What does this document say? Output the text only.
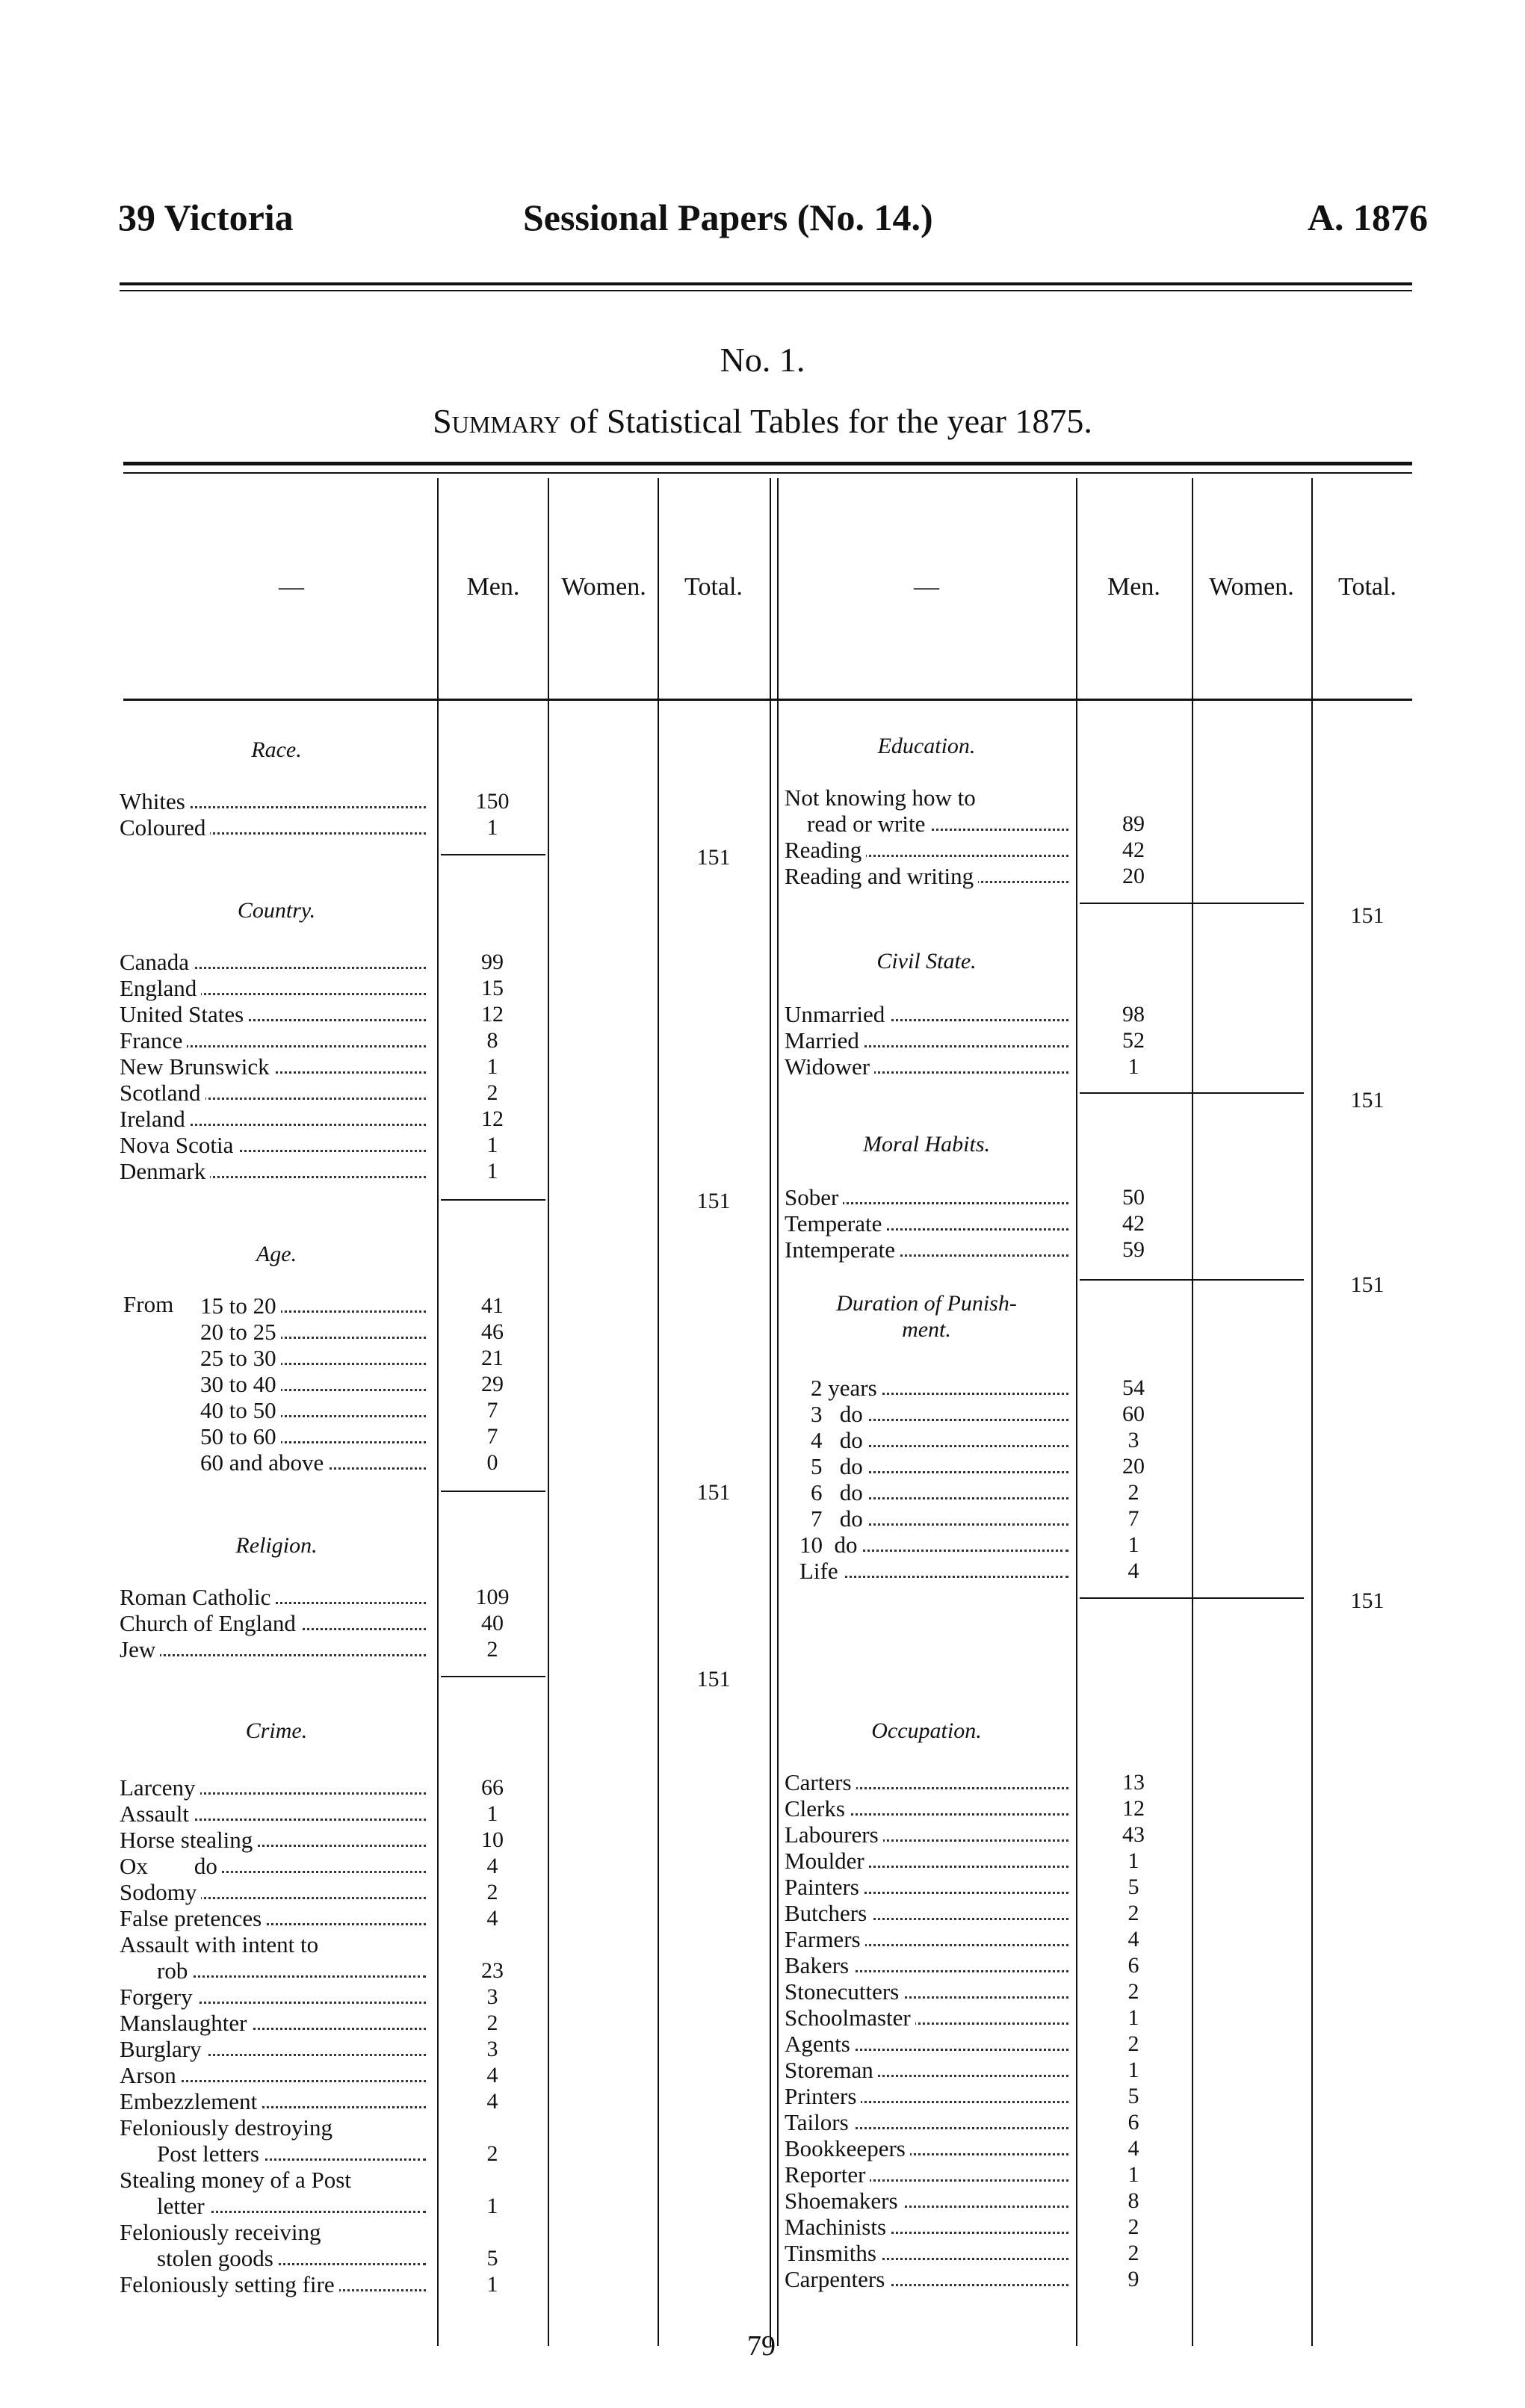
39 Victoria	Sessional Papers (No. 14.)	A. 1876
No. 1.
Summary of Statistical Tables for the year 1875.
—	Men.	Women.	Total.	—	Men.	Women.	Total.
Race.
Whites	150
Coloured	1
151
Country.
Canada	99
England	15
United States	12
France	8
New Brunswick	1
Scotland	2
Ireland	12
Nova Scotia	1
Denmark	1
151
Age.
From 15 to 20	41
20 to 25	46
25 to 30	21
30 to 40	29
40 to 50	7
50 to 60	7
60 and above	0
151
Religion.
Roman Catholic	109
Church of England	40
Jew	2
151
Crime.
Larceny	66
Assault	1
Horse stealing	10
Ox        do	4
Sodomy	2
False pretences	4
Assault with intent to
rob	23
Forgery	3
Manslaughter	2
Burglary	3
Arson	4
Embezzlement	4
Feloniously destroying
Post letters	2
Stealing money of a Post
letter	1
Feloniously receiving
stolen goods	5
Feloniously setting fire	1
Education.
Not knowing how to
read or write	89
Reading	42
Reading and writing	20
151
Civil State.
Unmarried	98
Married	52
Widower	1
151
Moral Habits.
Sober	50
Temperate	42
Intemperate	59
151
Duration of Punish-
ment.
2 years	54
3   do	60
4   do	3
5   do	20
6   do	2
7   do	7
10  do	1
Life	4
151
Occupation.
Carters	13
Clerks	12
Labourers	43
Moulder	1
Painters	5
Butchers	2
Farmers	4
Bakers	6
Stonecutters	2
Schoolmaster	1
Agents	2
Storeman	1
Printers	5
Tailors	6
Bookkeepers	4
Reporter	1
Shoemakers	8
Machinists	2
Tinsmiths	2
Carpenters	9
79
